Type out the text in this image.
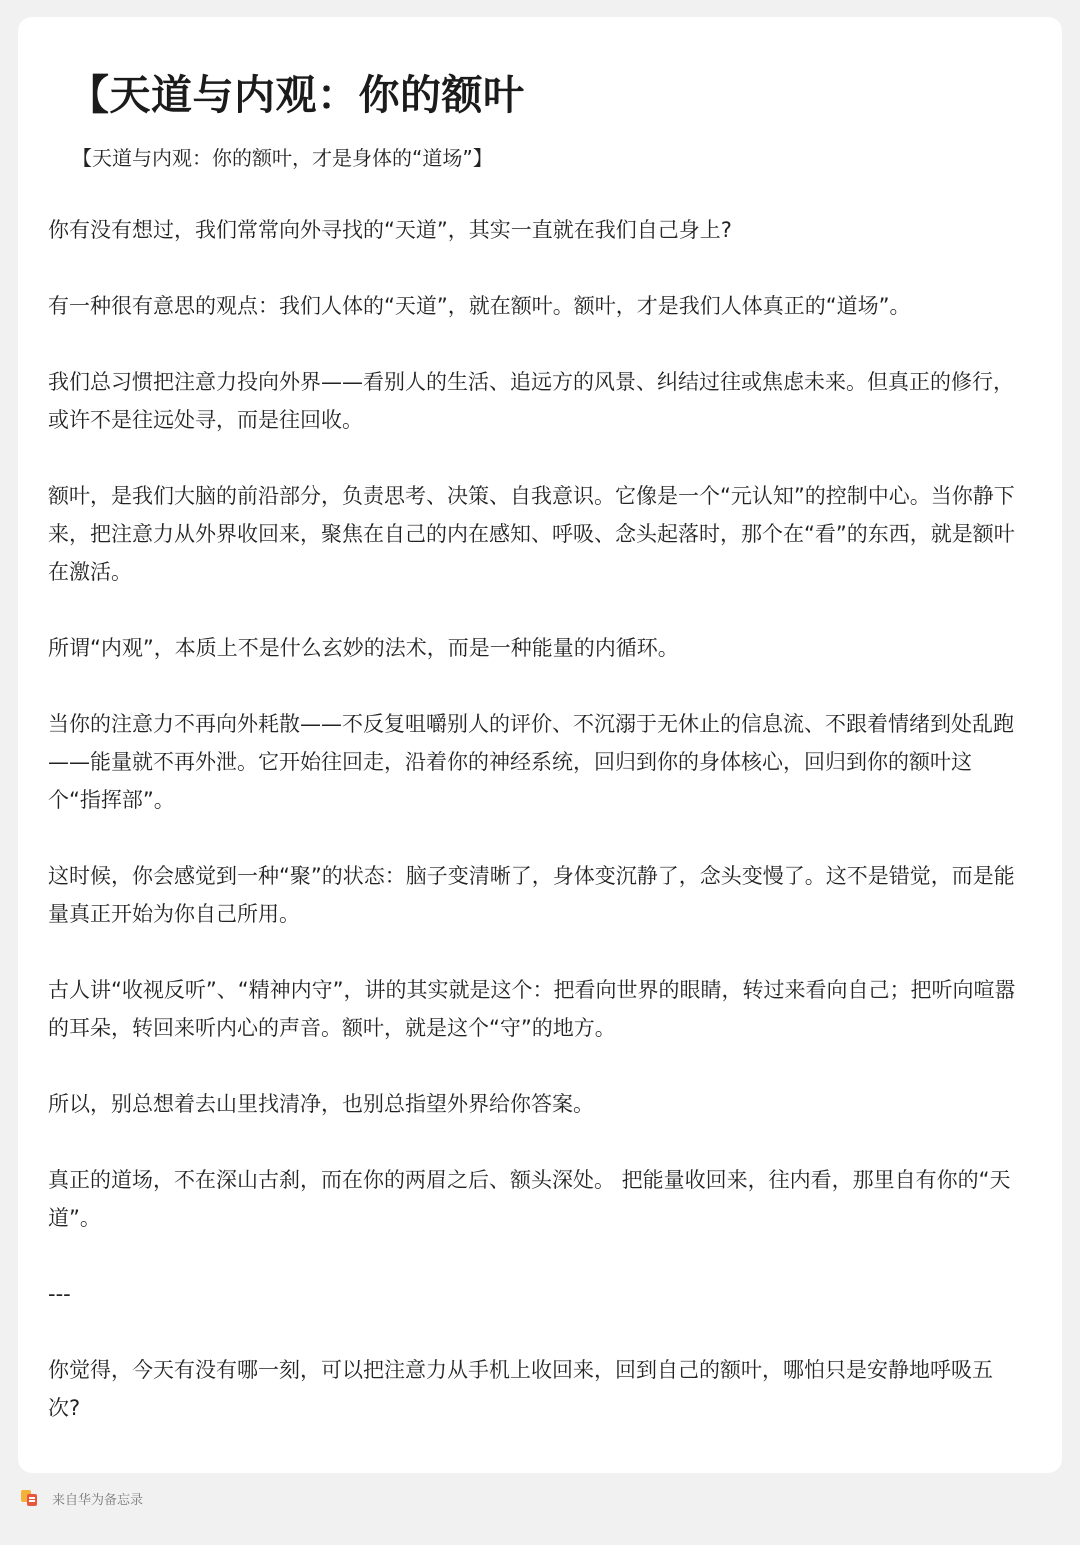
【天道与内观：你的额叶

【天道与内观：你的额叶，才是身体的“道场”】

你有没有想过，我们常常向外寻找的“天道”，其实一直就在我们自己身上?

有一种很有意思的观点：我们人体的“天道”，就在额叶。额叶，才是我们人体真正的“道场”。

我们总习惯把注意力投向外界——看别人的生活、追远方的风景、纠结过往或焦虑未来。但真正的修行，或许不是往远处寻，而是往回收。

额叶，是我们大脑的前沿部分，负责思考、决策、自我意识。它像是一个“元认知”的控制中心。当你静下来，把注意力从外界收回来，聚焦在自己的内在感知、呼吸、念头起落时，那个在“看”的东西，就是额叶在激活。

所谓“内观”，本质上不是什么玄妙的法术，而是一种能量的内循环。

当你的注意力不再向外耗散——不反复咀嚼别人的评价、不沉溺于无休止的信息流、不跟着情绪到处乱跑——能量就不再外泄。它开始往回走，沿着你的神经系统，回归到你的身体核心，回归到你的额叶这个“指挥部”。

这时候，你会感觉到一种“聚”的状态：脑子变清晰了，身体变沉静了，念头变慢了。这不是错觉，而是能量真正开始为你自己所用。

古人讲“收视反听”、“精神内守”，讲的其实就是这个：把看向世界的眼睛，转过来看向自己；把听向喧嚣的耳朵，转回来听内心的声音。额叶，就是这个“守”的地方。

所以，别总想着去山里找清净，也别总指望外界给你答案。

真正的道场，不在深山古刹，而在你的两眉之后、额头深处。 把能量收回来，往内看，那里自有你的“天道”。

---

你觉得，今天有没有哪一刻，可以把注意力从手机上收回来，回到自己的额叶，哪怕只是安静地呼吸五次?

来自华为备忘录
